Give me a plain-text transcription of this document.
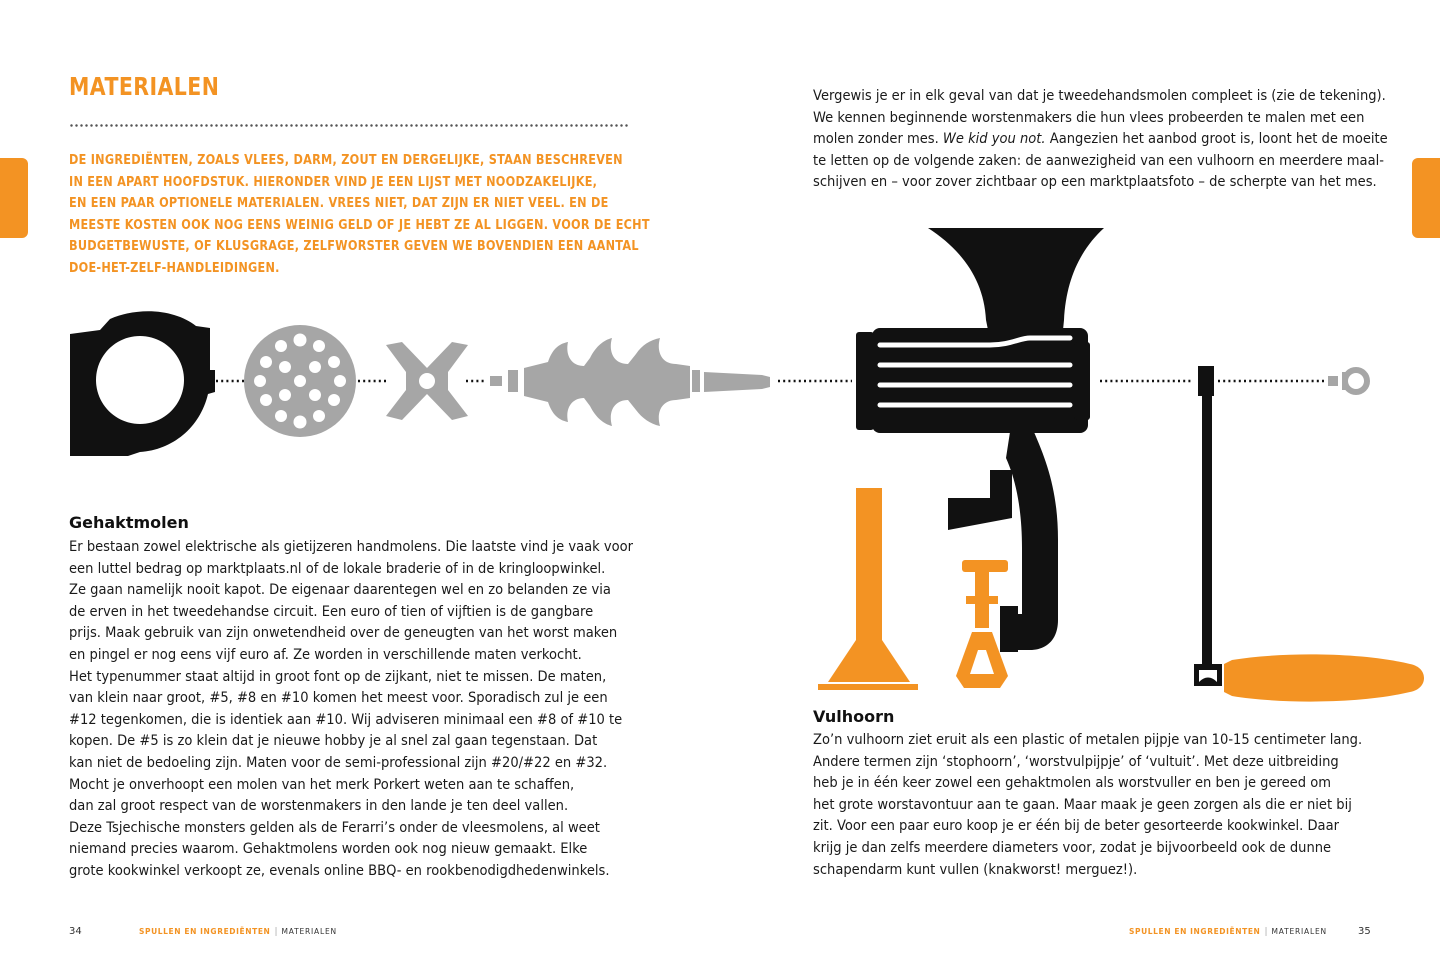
MATERIALEN

DE INGREDIËNTEN, ZOALS VLEES, DARM, ZOUT EN DERGELIJKE, STAAN BESCHREVEN
IN EEN APART HOOFDSTUK. HIERONDER VIND JE EEN LIJST MET NOODZAKELIJKE,
EN EEN PAAR OPTIONELE MATERIALEN. VREES NIET, DAT ZIJN ER NIET VEEL. EN DE
MEESTE KOSTEN OOK NOG EENS WEINIG GELD OF JE HEBT ZE AL LIGGEN. VOOR DE ECHT
BUDGETBEWUSTE, OF KLUSGRAGE, ZELFWORSTER GEVEN WE BOVENDIEN EEN AANTAL
DOE-HET-ZELF-HANDLEIDINGEN.

Gehaktmolen

Er bestaan zowel elektrische als gietijzeren handmolens. Die laatste vind je vaak voor
een luttel bedrag op marktplaats.nl of de lokale braderie of in de kringloopwinkel.
Ze gaan namelijk nooit kapot. De eigenaar daarentegen wel en zo belanden ze via
de erven in het tweedehandse circuit. Een euro of tien of vijftien is de gangbare
prijs. Maak gebruik van zijn onwetendheid over de geneugten van het worst maken
en pingel er nog eens vijf euro af. Ze worden in verschillende maten verkocht.
Het typenummer staat altijd in groot font op de zijkant, niet te missen. De maten,
van klein naar groot, #5, #8 en #10 komen het meest voor. Sporadisch zul je een
#12 tegenkomen, die is identiek aan #10. Wij adviseren minimaal een #8 of #10 te
kopen. De #5 is zo klein dat je nieuwe hobby je al snel zal gaan tegenstaan. Dat
kan niet de bedoeling zijn. Maten voor de semi-professional zijn #20/#22 en #32.
Mocht je onverhoopt een molen van het merk Porkert weten aan te schaffen,
dan zal groot respect van de worstenmakers in den lande je ten deel vallen.
Deze Tsjechische monsters gelden als de Ferarri’s onder de vleesmolens, al weet
niemand precies waarom. Gehaktmolens worden ook nog nieuw gemaakt. Elke
grote kookwinkel verkoopt ze, evenals online BBQ- en rookbenodigdhedenwinkels.

Vergewis je er in elk geval van dat je tweedehandsmolen compleet is (zie de tekening).
We kennen beginnende worstenmakers die hun vlees probeerden te malen met een
molen zonder mes. We kid you not. Aangezien het aanbod groot is, loont het de moeite
te letten op de volgende zaken: de aanwezigheid van een vulhoorn en meerdere maal-
schijven en – voor zover zichtbaar op een marktplaatsfoto – de scherpte van het mes.

Vulhoorn

Zo’n vulhoorn ziet eruit als een plastic of metalen pijpje van 10-15 centimeter lang.
Andere termen zijn ‘stophoorn’, ‘worstvulpijpje’ of ‘vultuit’. Met deze uitbreiding
heb je in één keer zowel een gehaktmolen als worstvuller en ben je gereed om
het grote worstavontuur aan te gaan. Maar maak je geen zorgen als die er niet bij
zit. Voor een paar euro koop je er één bij de beter gesorteerde kookwinkel. Daar
krijg je dan zelfs meerdere diameters voor, zodat je bijvoorbeeld ook de dunne
schapendarm kunt vullen (knakworst! merguez!).

34	SPULLEN EN INGREDIËNTEN | MATERIALEN	SPULLEN EN INGREDIËNTEN | MATERIALEN	35
